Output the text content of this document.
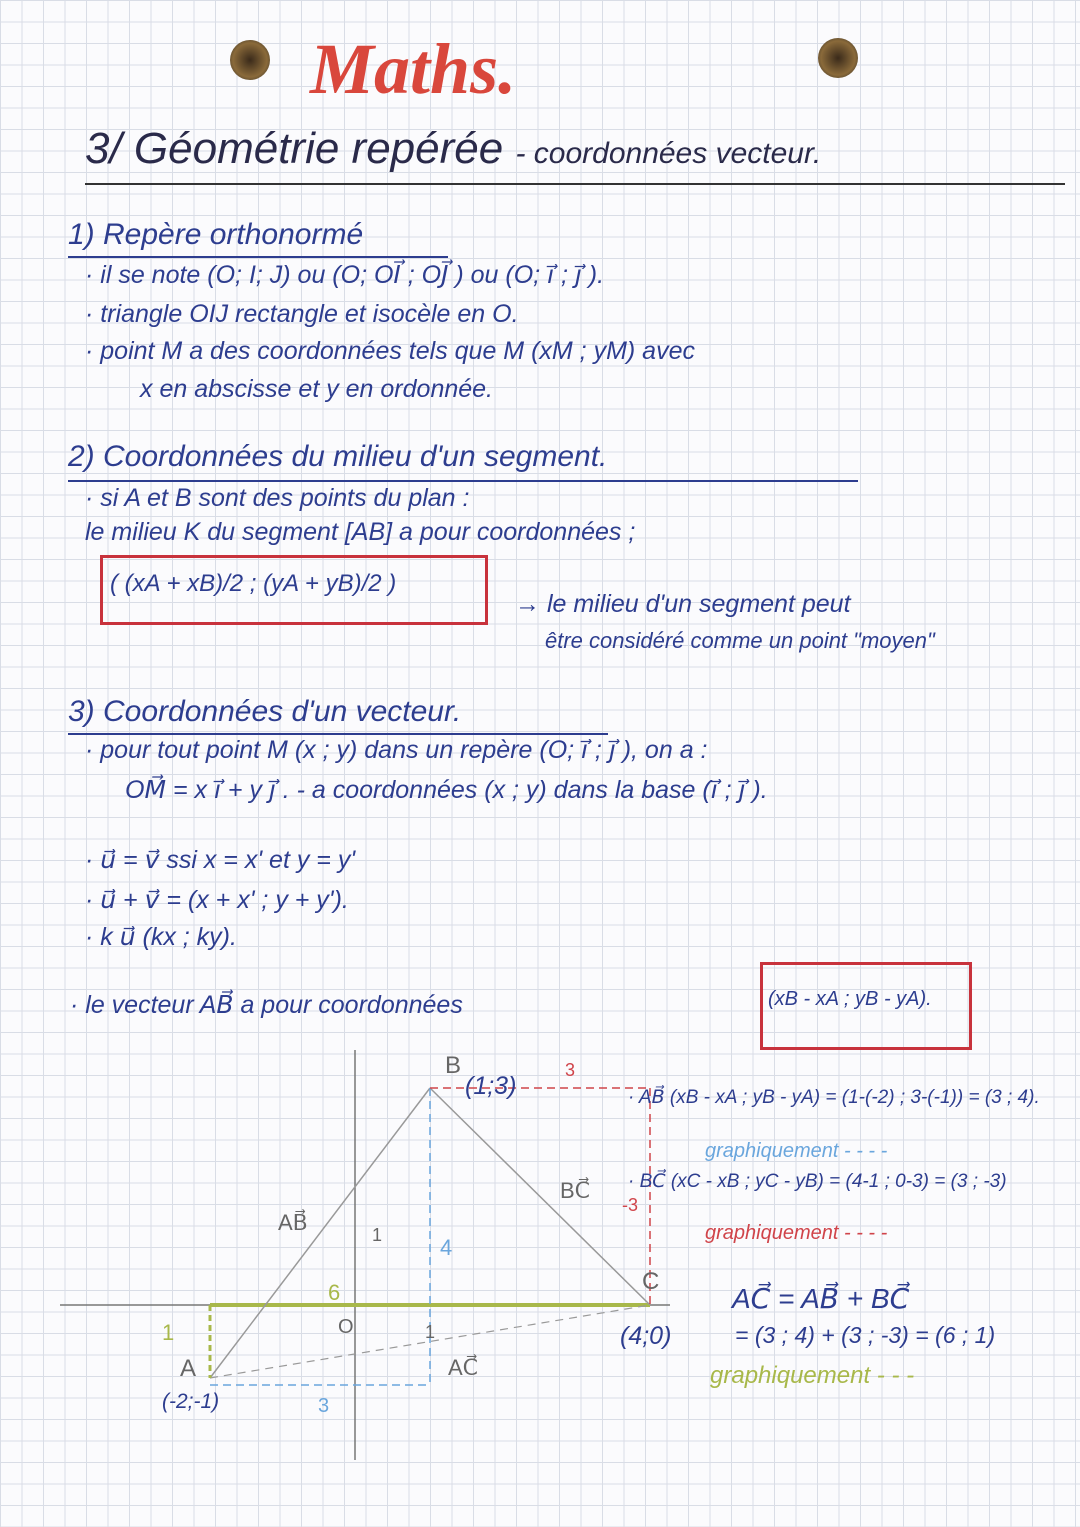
Maths.
3/ Géométrie repérée - coordonnées vecteur.
1) Repère orthonormé
· il se note (O; I; J) ou (O; OI⃗ ; OJ⃗ ) ou (O; i⃗ ; j⃗ ).
· triangle OIJ rectangle et isocèle en O.
· point M a des coordonnées tels que M (xM ; yM) avec
x en abscisse et y en ordonnée.
2) Coordonnées du milieu d'un segment.
· si A et B sont des points du plan :
le milieu K du segment [AB] a pour coordonnées ;
( (xA + xB)/2 ; (yA + yB)/2 )
→ le milieu d'un segment peut
être considéré comme un point "moyen"
3) Coordonnées d'un vecteur.
· pour tout point M (x ; y) dans un repère (O; i⃗ ; j⃗ ), on a :
OM⃗ = x i⃗ + y j⃗ . - a coordonnées (x ; y) dans la base (i⃗ ; j⃗ ).
· u⃗ = v⃗ ssi x = x' et y = y'
· u⃗ + v⃗ = (x + x' ; y + y').
· k u⃗ (kx ; ky).
· le vecteur AB⃗ a pour coordonnées	(xB - xA ; yB - yA).
B
(1;3)
A
(-2;-1)
C
(4;0)
O	1
1
AB⃗
BC⃗
AC⃗
4
3
3
-3
6
1
· AB⃗ (xB - xA ; yB - yA) = (1-(-2) ; 3-(-1)) = (3 ; 4).
graphiquement - - - -
· BC⃗ (xC - xB ; yC - yB) = (4-1 ; 0-3) = (3 ; -3)
graphiquement - - - -
AC⃗ = AB⃗ + BC⃗
= (3 ; 4) + (3 ; -3) = (6 ; 1)
graphiquement - - -
